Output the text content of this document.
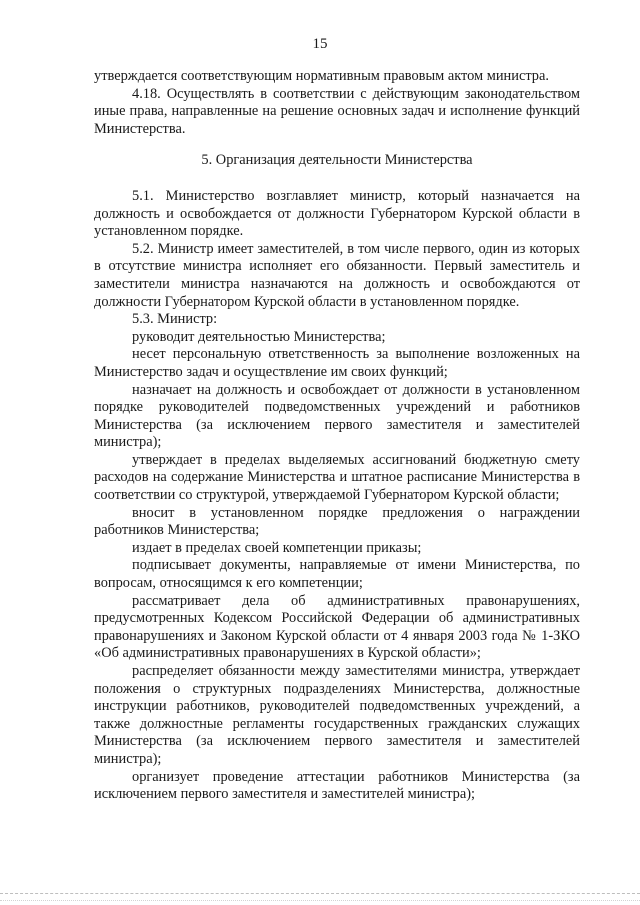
15

утверждается соответствующим нормативным правовым актом министра.

4.18. Осуществлять в соответствии с действующим законодательством иные права, направленные на решение основных задач и исполнение функций Министерства.

5. Организация деятельности Министерства

5.1. Министерство возглавляет министр, который назначается на должность и освобождается от должности Губернатором Курской области в установленном порядке.

5.2. Министр имеет заместителей, в том числе первого, один из которых в отсутствие министра исполняет его обязанности. Первый заместитель и заместители министра назначаются на должность и освобождаются от должности Губернатором Курской области в установленном порядке.

5.3. Министр:

руководит деятельностью Министерства;

несет персональную ответственность за выполнение возложенных на Министерство задач и осуществление им своих функций;

назначает на должность и освобождает от должности в установленном порядке руководителей подведомственных учреждений и работников Министерства (за исключением первого заместителя и заместителей министра);

утверждает в пределах выделяемых ассигнований бюджетную смету расходов на содержание Министерства и штатное расписание Министерства в соответствии со структурой, утверждаемой Губернатором Курской области;

вносит в установленном порядке предложения о награждении работников Министерства;

издает в пределах своей компетенции приказы;

подписывает документы, направляемые от имени Министерства, по вопросам, относящимся к его компетенции;

рассматривает дела об административных правонарушениях, предусмотренных Кодексом Российской Федерации об административных правонарушениях и Законом Курской области от 4 января 2003 года № 1-ЗКО «Об административных правонарушениях в Курской области»;

распределяет обязанности между заместителями министра, утверждает положения о структурных подразделениях Министерства, должностные инструкции работников, руководителей подведомственных учреждений, а также должностные регламенты государственных гражданских служащих Министерства (за исключением первого заместителя и заместителей министра);

организует проведение аттестации работников Министерства (за исключением первого заместителя и заместителей министра);
